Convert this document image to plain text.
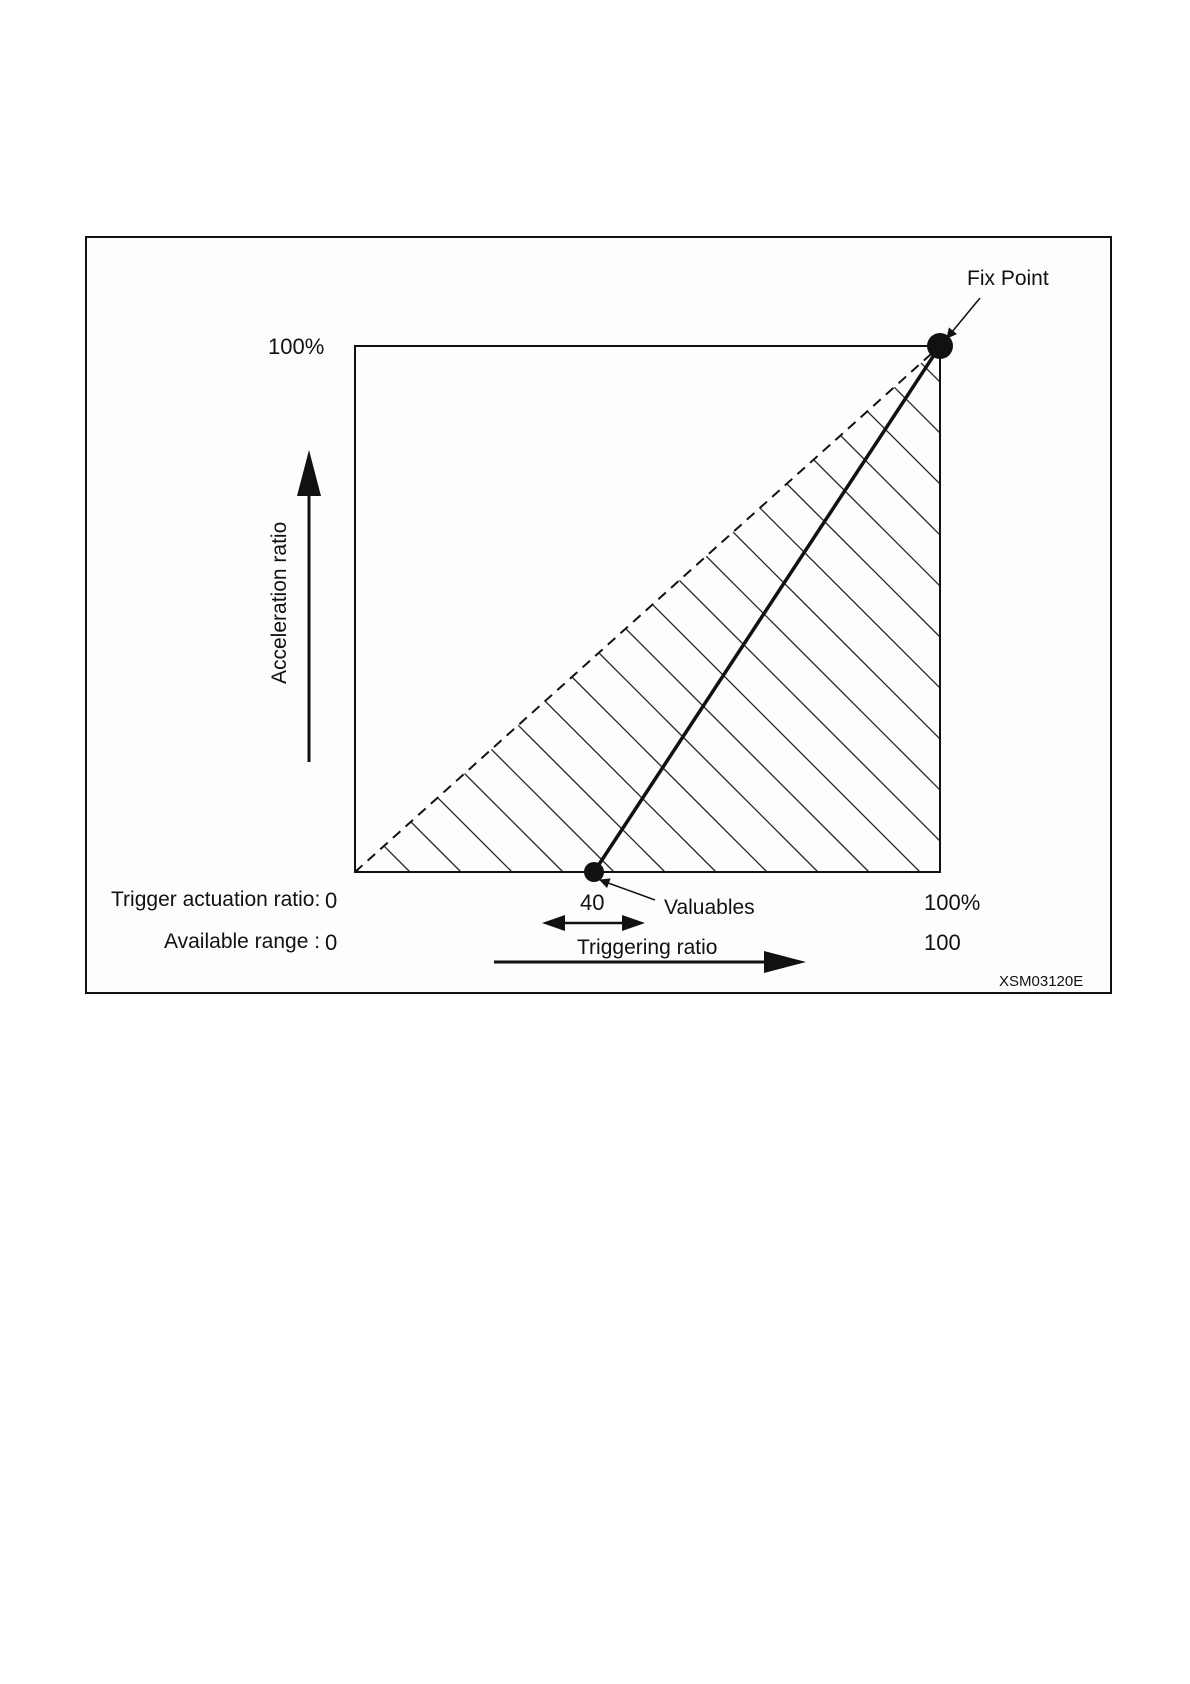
Fix Point
100%
Acceleration ratio
Trigger actuation ratio: 0	40	Valuables	100%
Available range : 0	100
Triggering ratio
XSM03120E
